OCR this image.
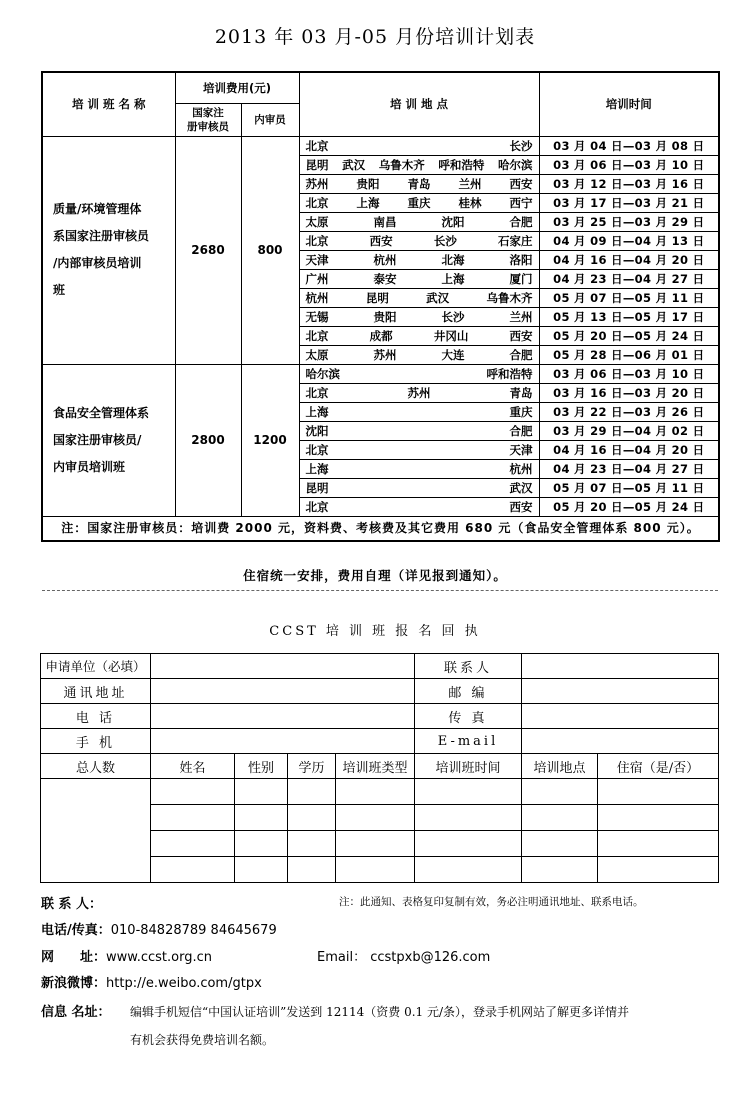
2013 年 03 月-05 月份培训计划表
培 训 班 名 称	培训费用(元)		培 训 地 点	培训时间
	国家注
册审核员	内审员		
质量/环境管理体
系国家注册审核员
/内部审核员培训
班	2680	800	北京 长沙	03 月 04 日—03 月 08 日

			昆明 武汉 乌鲁木齐 呼和浩特 哈尔滨	03 月 06 日—03 月 10 日

			苏州 贵阳 青岛 兰州 西安	03 月 12 日—03 月 16 日

			北京 上海 重庆 桂林 西宁	03 月 17 日—03 月 21 日

			太原 南昌 沈阳 合肥	03 月 25 日—03 月 29 日

			北京 西安 长沙 石家庄	04 月 09 日—04 月 13 日

			天津 杭州 北海 洛阳	04 月 16 日—04 月 20 日

			广州 泰安 上海 厦门	04 月 23 日—04 月 27 日

			杭州 昆明 武汉 乌鲁木齐	05 月 07 日—05 月 11 日

			无锡 贵阳 长沙 兰州	05 月 13 日—05 月 17 日

			北京 成都 井冈山 西安	05 月 20 日—05 月 24 日

			太原 苏州 大连 合肥	05 月 28 日—06 月 01 日
食品安全管理体系
国家注册审核员/
内审员培训班	2800	1200	哈尔滨 呼和浩特	03 月 06 日—03 月 10 日

			北京 苏州 青岛	03 月 16 日—03 月 20 日

			上海 重庆	03 月 22 日—03 月 26 日

			沈阳 合肥	03 月 29 日—04 月 02 日

			北京 天津	04 月 16 日—04 月 20 日

			上海 杭州	04 月 23 日—04 月 27 日

			昆明 武汉	05 月 07 日—05 月 11 日

			北京 西安	05 月 20 日—05 月 24 日
注：国家注册审核员：培训费 2000 元，资料费、考核费及其它费用 680 元（食品安全管理体系 800 元）。				
住宿统一安排，费用自理（详见报到通知）。
CCST 培 训 班 报 名 回 执
申请单位（必填）					联系人		
通讯地址					邮 编		
电 话					传 真		
手 机					E-mail		
总人数	姓名	性别	学历	培训班类型	培训班时间	培训地点	住宿（是/否）

联 系 人：	注：此通知、表格复印复制有效，务必注明通讯地址、联系电话。
电话/传真：010-84828789 84645679
网　　址：www.ccst.org.cn	Email： ccstpxb@126.com
新浪微博：http://e.weibo.com/gtpx
信息 名址： 编辑手机短信“中国认证培训”发送到 12114（资费 0.1 元/条），登录手机网站了解更多详情并
有机会获得免费培训名额。
